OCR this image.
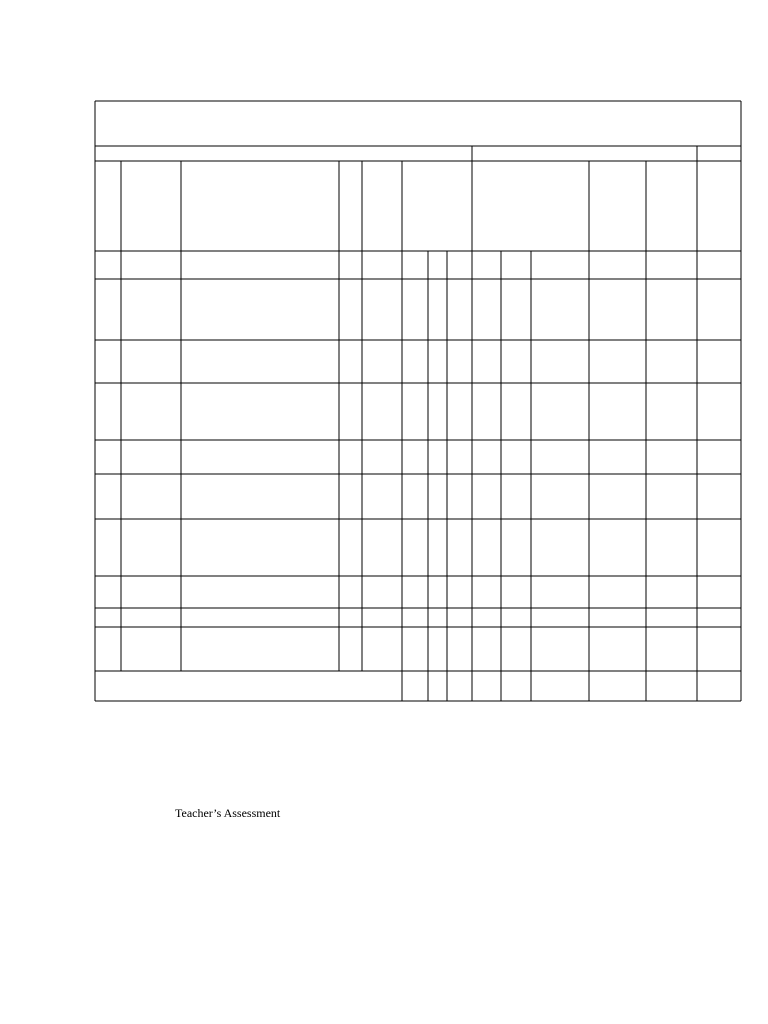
Teacher’s Assessment
